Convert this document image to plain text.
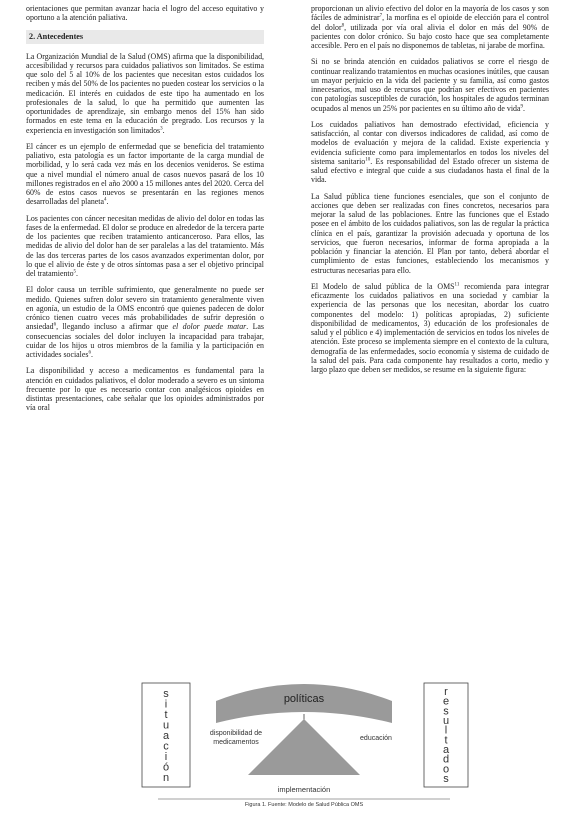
orientaciones que permitan avanzar hacia el logro del acceso equitativo y oportuno a la atención paliativa.

2. Antecedentes

La Organización Mundial de la Salud (OMS) afirma que la disponibilidad, accesibilidad y recursos para cuidados paliativos son limitados. Se estima que solo del 5 al 10% de los pacientes que necesitan estos cuidados los reciben y más del 50% de los pacientes no pueden costear los servicios o la medicación. El interés en cuidados de este tipo ha aumentado en los profesionales de la salud, lo que ha permitido que aumenten las oportunidades de aprendizaje, sin embargo menos del 15% han sido formados en este tema en la educación de pregrado. Los recursos y la experiencia en investigación son limitados$^3$.

El cáncer es un ejemplo de enfermedad que se beneficia del tratamiento paliativo, esta patología es un factor importante de la carga mundial de morbilidad, y lo será cada vez más en los decenios venideros. Se estima que a nivel mundial el número anual de casos nuevos pasará de los 10 millones registrados en el año 2000 a 15 millones antes del 2020. Cerca del 60% de estos casos nuevos se presentarán en las regiones menos desarrolladas del planeta$^4$.

Los pacientes con cáncer necesitan medidas de alivio del dolor en todas las fases de la enfermedad. El dolor se produce en alrededor de la tercera parte de los pacientes que reciben tratamiento anticanceroso. Para ellos, las medidas de alivio del dolor han de ser paralelas a las del tratamiento. Más de las dos terceras partes de los casos avanzados experimentan dolor, por lo que el alivio de éste y de otros síntomas pasa a ser el objetivo principal del tratamiento$^5$.

El dolor causa un terrible sufrimiento, que generalmente no puede ser medido. Quienes sufren dolor severo sin tratamiento generalmente viven en agonía, un estudio de la OMS encontró que quienes padecen de dolor crónico tienen cuatro veces más probabilidades de sufrir depresión o ansiedad$^6$, llegando incluso a afirmar que el dolor puede matar. Las consecuencias sociales del dolor incluyen la incapacidad para trabajar, cuidar de los hijos u otros miembros de la familia y la participación en actividades sociales$^6$.

La disponibilidad y acceso a medicamentos es fundamental para la atención en cuidados paliativos, el dolor moderado a severo es un síntoma frecuente por lo que es necesario contar con analgésicos opioides en distintas presentaciones, cabe señalar que los opioides administrados por vía oral

proporcionan un alivio efectivo del dolor en la mayoría de los casos y son fáciles de administrar$^7$, la morfina es el opioide de elección para el control del dolor$^8$, utilizada por vía oral alivia el dolor en más del 90% de pacientes con dolor crónico. Su bajo costo hace que sea completamente accesible. Pero en el país no disponemos de tabletas, ni jarabe de morfina.

Si no se brinda atención en cuidados paliativos se corre el riesgo de continuar realizando tratamientos en muchas ocasiones inútiles, que causan un mayor perjuicio en la vida del paciente y su familia, así como gastos innecesarios, mal uso de recursos que podrían ser efectivos en pacientes con patologías susceptibles de curación, los hospitales de agudos terminan ocupados al menos un 25% por pacientes en su último año de vida$^9$.

Los cuidados paliativos han demostrado efectividad, eficiencia y satisfacción, al contar con diversos indicadores de calidad, así como de modelos de evaluación y mejora de la calidad. Existe experiencia y evidencia suficiente como para implementarlos en todos los niveles del sistema sanitario$^{10}$. Es responsabilidad del Estado ofrecer un sistema de salud efectivo e integral que cuide a sus ciudadanos hasta el final de la vida.

La Salud pública tiene funciones esenciales, que son el conjunto de acciones que deben ser realizadas con fines concretos, necesarios para mejorar la salud de las poblaciones. Entre las funciones que el Estado posee en el ámbito de los cuidados paliativos, son las de regular la práctica clínica en el país, garantizar la provisión adecuada y oportuna de los servicios, que fueron necesarios, informar de forma apropiada a la población y financiar la atención. El Plan por tanto, deberá abordar el cumplimiento de estas funciones, estableciendo los mecanismos y estructuras necesarias para ello.

El Modelo de salud pública de la OMS$^{11}$ recomienda para integrar eficazmente los cuidados paliativos en una sociedad y cambiar la experiencia de las personas que los necesitan, abordar los cuatro componentes del modelo: 1) políticas apropiadas, 2) suficiente disponibilidad de medicamentos, 3) educación de los profesionales de salud y el público e 4) implementación de servicios en todos los niveles de atención. Este proceso se implementa siempre en el contexto de la cultura, demografía de las enfermedades, socio economía y sistema de cuidado de la salud del país. Para cada componente hay resultados a corto, medio y largo plazo que deben ser medidos, se resume en la siguiente figura:

s
i
t
u
a
c
i
ó
n
r
e
s
u
l
t
a
d
o
s
políticas
disponibilidad de
medicamentos
educación
implementación
Figura 1. Fuente: Modelo de Salud Pública OMS
